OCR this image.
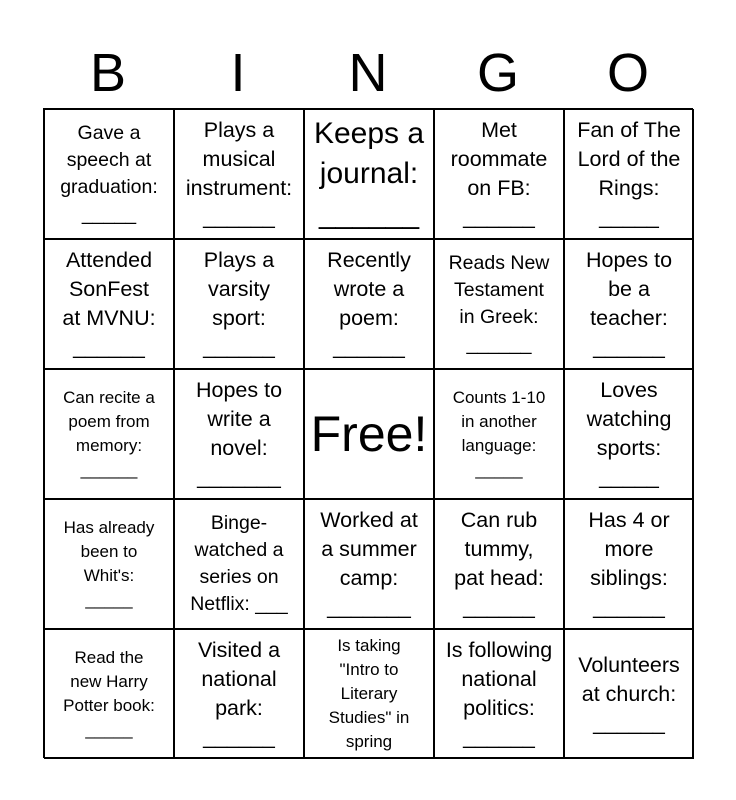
B	I	N	G	O
Gave a
speech at
graduation:
_____
Plays a
musical
instrument:
______
Keeps a
journal:
______
Met
roommate
on FB:
______
Fan of The
Lord of the
Rings:
_____
Attended
SonFest
at MVNU:
______
Plays a
varsity
sport:
______
Recently
wrote a
poem:
______
Reads New
Testament
in Greek:
______
Hopes to
be a
teacher:
______
Can recite a
poem from
memory:
______
Hopes to
write a
novel:
_______
Free!
Counts 1-10
in another
language:
_____
Loves
watching
sports:
_____
Has already
been to
Whit's:
_____
Binge-
watched a
series on
Netflix: ___
Worked at
a summer
camp:
_______
Can rub
tummy,
pat head:
______
Has 4 or
more
siblings:
______
Read the
new Harry
Potter book:
_____
Visited a
national
park:
______
Is taking
"Intro to
Literary
Studies" in
spring
Is following
national
politics:
______
Volunteers
at church:
______
